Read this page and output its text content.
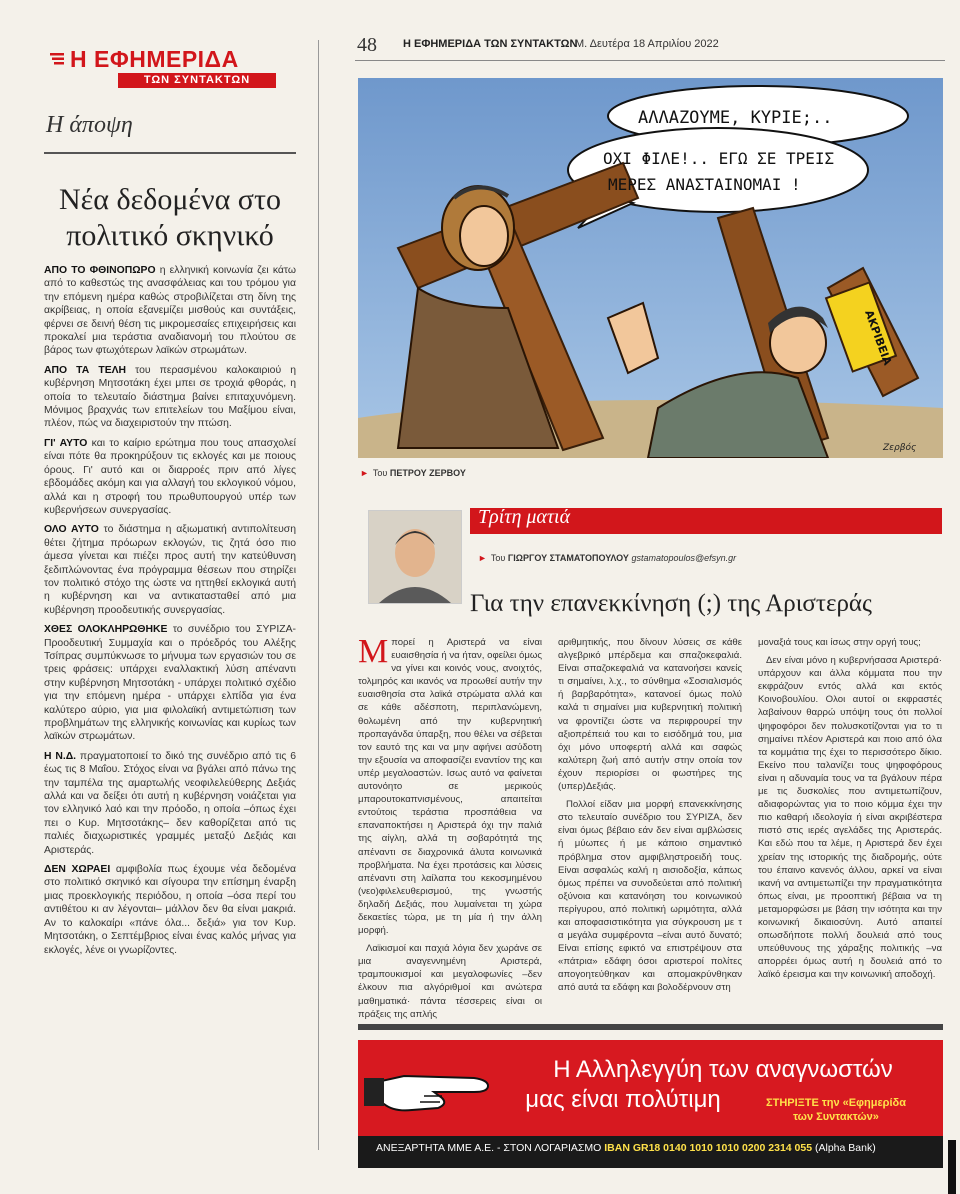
Η ΕΦΗΜΕΡΙΔΑ
ΤΩΝ ΣΥΝΤΑΚΤΩΝ
Η άποψη
Νέα δεδομένα στο πολιτικό σκηνικό

ΑΠΟ ΤΟ ΦΘΙΝΟΠΩΡΟ η ελληνική κοινωνία ζει κάτω από το καθεστώς της ανασφάλειας και του τρόμου για την επόμενη ημέρα καθώς στροβιλίζεται στη δίνη της ακρίβειας, η οποία εξανεμίζει μισθούς και συντάξεις, φέρνει σε δεινή θέση τις μικρομεσαίες επιχειρήσεις και προκαλεί μια τεράστια αναδιανομή του πλούτου σε βάρος των φτωχότερων λαϊκών στρωμάτων.

ΑΠΟ ΤΑ ΤΕΛΗ του περασμένου καλοκαιριού η κυβέρνηση Μητσοτάκη έχει μπει σε τροχιά φθοράς, η οποία το τελευταίο διάστημα βαίνει επιταχυνόμενη. Μόνιμος βραχνάς των επιτελείων του Μαξίμου είναι, πλέον, πώς να διαχειριστούν την πτώση.

ΓΙ' ΑΥΤΟ και το καίριο ερώτημα που τους απασχολεί είναι πότε θα προκηρύξουν τις εκλογές και με ποιους όρους. Γι' αυτό και οι διαρροές πριν από λίγες εβδομάδες ακόμη και για αλλαγή του εκλογικού νόμου, αλλά και η στροφή του πρωθυπουργού υπέρ των κυβερνήσεων συνεργασίας.

ΟΛΟ ΑΥΤΟ το διάστημα η αξιωματική αντιπολίτευση θέτει ζήτημα πρόωρων εκλογών, τις ζητά όσο πιο άμεσα γίνεται και πιέζει προς αυτή την κατεύθυνση ξεδιπλώνοντας ένα πρόγραμμα θέσεων που στηρίζει τον πολιτικό στόχο της ώστε να ηττηθεί εκλογικά αυτή η κυβέρνηση και να αντικατασταθεί από μια κυβέρνηση προοδευτικής συνεργασίας.

ΧΘΕΣ ΟΛΟΚΛΗΡΩΘΗΚΕ το συνέδριο του ΣΥΡΙΖΑ-Προοδευτική Συμμαχία και ο πρόεδρός του Αλέξης Τσίπρας συμπύκνωσε το μήνυμα των εργασιών του σε τρεις φράσεις: υπάρχει εναλλακτική λύση απέναντι στην κυβέρνηση Μητσοτάκη - υπάρχει πολιτικό σχέδιο για την επόμενη ημέρα - υπάρχει ελπίδα για ένα καλύτερο αύριο, για μια φιλολαϊκή αντιμετώπιση των προβλημάτων της ελληνικής κοινωνίας και κυρίως των λαϊκών στρωμάτων.

Η Ν.Δ. πραγματοποιεί το δικό της συνέδριο από τις 6 έως τις 8 Μαΐου. Στόχος είναι να βγάλει από πάνω της την ταμπέλα της αμαρτωλής νεοφιλελεύθερης Δεξιάς αλλά και να δείξει ότι αυτή η κυβέρνηση νοιάζεται για τον ελληνικό λαό και την πρόοδο, η οποία –όπως έχει πει ο Κυρ. Μητσοτάκης– δεν καθορίζεται από τις παλιές διαχωριστικές γραμμές μεταξύ Δεξιάς και Αριστεράς.

ΔΕΝ ΧΩΡΑΕΙ αμφιβολία πως έχουμε νέα δεδομένα στο πολιτικό σκηνικό και σίγουρα την επίσημη έναρξη μιας προεκλογικής περιόδου, η οποία –όσα περί του αντιθέτου κι αν λέγονται– μάλλον δεν θα είναι μακριά. Αν το καλοκαίρι «πάνε όλα... δεξιά» για τον Κυρ. Μητσοτάκη, ο Σεπτέμβριος είναι ένας καλός μήνας για εκλογές, λένε οι γνωρίζοντες.

48 Η ΕΦΗΜΕΡΙΔΑ ΤΩΝ ΣΥΝΤΑΚΤΩΝ
Μ. Δευτέρα 18 Απριλίου 2022
Ζερβός
ΑΛΛΑΖΟΥΜΕ, ΚΥΡΙΕ;..
ΟΧΙ ΦΙΛΕ!.. ΕΓΩ ΣΕ ΤΡΕΙΣ
ΜΕΡΕΣ ΑΝΑΣΤΑΙΝΟΜΑΙ !
ΑΚΡΙΒΕΙΑ
► Του ΠΕΤΡΟΥ ΖΕΡΒΟΥ
Τρίτη ματιά
► Του ΓΙΩΡΓΟΥ ΣΤΑΜΑΤΟΠΟΥΛΟΥ gstamatopoulos@efsyn.gr
Για την επανεκκίνηση (;) της Αριστεράς

Μπορεί η Αριστερά να είναι ευαισθησία ή να ήταν, οφείλει όμως να γίνει και κοινός νους, ανοιχτός, τολμηρός και ικανός να προωθεί αυτήν την ευαισθησία στα λαϊκά στρώματα αλλά και σε κάθε αδέσποτη, περιπλανώμενη, θολωμένη από την κυβερνητική προπαγάνδα ύπαρξη, που θέλει να σέβεται τον εαυτό της και να μην αφήνει ασύδοτη την εξουσία να αποφασίζει εναντίον της και υπέρ μεγαλοαστών. Ισως αυτό να φαίνεται αυτονόητο σε μερικούς μπαρουτοκαπνισμένους, απαιτείται εντούτοις τεράστια προσπάθεια να επαναποκτήσει η Αριστερά όχι την παλιά της αίγλη, αλλά τη σοβαρότητά της απέναντι σε διαχρονικά άλυτα κοινωνικά προβλήματα. Να έχει προτάσεις και λύσεις απέναντι στη λαίλαπα του κεκοσμημένου (νεο)φιλελευθερισμού, της γνωστής δηλαδή Δεξιάς, που λυμαίνεται τη χώρα δεκαετίες τώρα, με τη μία ή την άλλη μορφή.

Λαϊκισμοί και παχιά λόγια δεν χωράνε σε μια αναγεννημένη Αριστερά, τραμπουκισμοί και μεγαλοφωνίες –δεν έλκουν πια αλγόριθμοί και ανώτερα μαθηματικά· πάντα τέσσερεις είναι οι πράξεις της απλής

αριθμητικής, που δίνουν λύσεις σε κάθε αλγεβρικό μπέρδεμα και σπαζοκεφαλιά. Είναι σπαζοκεφαλιά να κατανοήσει κανείς τι σημαίνει, λ.χ., το σύνθημα «Σοσιαλισμός ή βαρβαρότητα», κατανοεί όμως πολύ καλά τι σημαίνει μια κυβερνητική πολιτική να φροντίζει ώστε να περιφρουρεί την αξιοπρέπειά του και το εισόδημά του, μια όχι μόνο υποφερτή αλλά και σαφώς καλύτερη ζωή από αυτήν στην οποία τον έχουν περιορίσει οι φωστήρες της (υπερ)Δεξιάς.

Πολλοί είδαν μια μορφή επανεκκίνησης στο τελευταίο συνέδριο του ΣΥΡΙΖΑ, δεν είναι όμως βέβαιο εάν δεν είναι αμβλώσεις ή μύωπες ή με κάποιο σημαντικό πρόβλημα στον αμφιβληστροειδή τους. Είναι ασφαλώς καλή η αισιοδοξία, κάπως όμως πρέπει να συνοδεύεται από πολιτική οξύνοια και κατανόηση του κοινωνικού περίγυρου, από πολιτική ωριμότητα, αλλά και αποφασιστικότητα για σύγκρουση με τ α μεγάλα συμφέροντα –είναι αυτό δυνατό; Είναι επίσης εφικτό να επιστρέψουν στα «πάτρια» εδάφη όσοι αριστεροί πολίτες απογοητεύθηκαν και απομακρύνθηκαν από αυτά τα εδάφη και βολοδέρνουν στη

μοναξιά τους και ίσως στην οργή τους;

Δεν είναι μόνο η κυβερνήσασα Αριστερά· υπάρχουν και άλλα κόμματα που την εκφράζουν εντός αλλά και εκτός Κοινοβουλίου. Ολοι αυτοί οι εκφραστές λαβαίνουν θαρρώ υπόψη τους ότι πολλοί ψηφοφόροι δεν πολυσκοτίζονται για το τι σημαίνει πλέον Αριστερά και ποιο από όλα τα κομμάτια της έχει το περισσότερο δίκιο. Εκείνο που ταλανίζει τους ψηφοφόρους είναι η αδυναμία τους να τα βγάλουν πέρα με τις δυσκολίες που αντιμετωπίζουν, αδιαφορώντας για το ποιο κόμμα έχει την πιο καθαρή ιδεολογία ή είναι ακριβέστερα πιστό στις ιερές αγελάδες της Αριστεράς. Και εδώ που τα λέμε, η Αριστερά δεν έχει χρείαν της ιστορικής της διαδρομής, ούτε του έπαινο κανενός άλλου, αρκεί να είναι ικανή να αντιμετωπίζει την πραγματικότητα όπως είναι, με προοπτική βέβαια να τη μεταμορφώσει με βάση την ισότητα και την κοινωνική δικαιοσύνη. Αυτό απαιτεί οπωσδήποτε πολλή δουλειά από τους υπεύθυνους της χάραξης πολιτικής –να απορρέει όμως αυτή η δουλειά από το λαϊκό έρεισμα και την κοινωνική αποδοχή.

Η Αλληλεγγύη των αναγνωστών
μας είναι πολύτιμη	ΣΤΗΡΙΞΤΕ την «Εφημερίδα
των Συντακτών»
ΑΝΕΞΑΡΤΗΤΑ ΜΜΕ Α.Ε. - ΣΤΟΝ ΛΟΓΑΡΙΑΣΜΟ IBAN GR18 0140 1010 1010 0200 2314 055 (Alpha Bank)
